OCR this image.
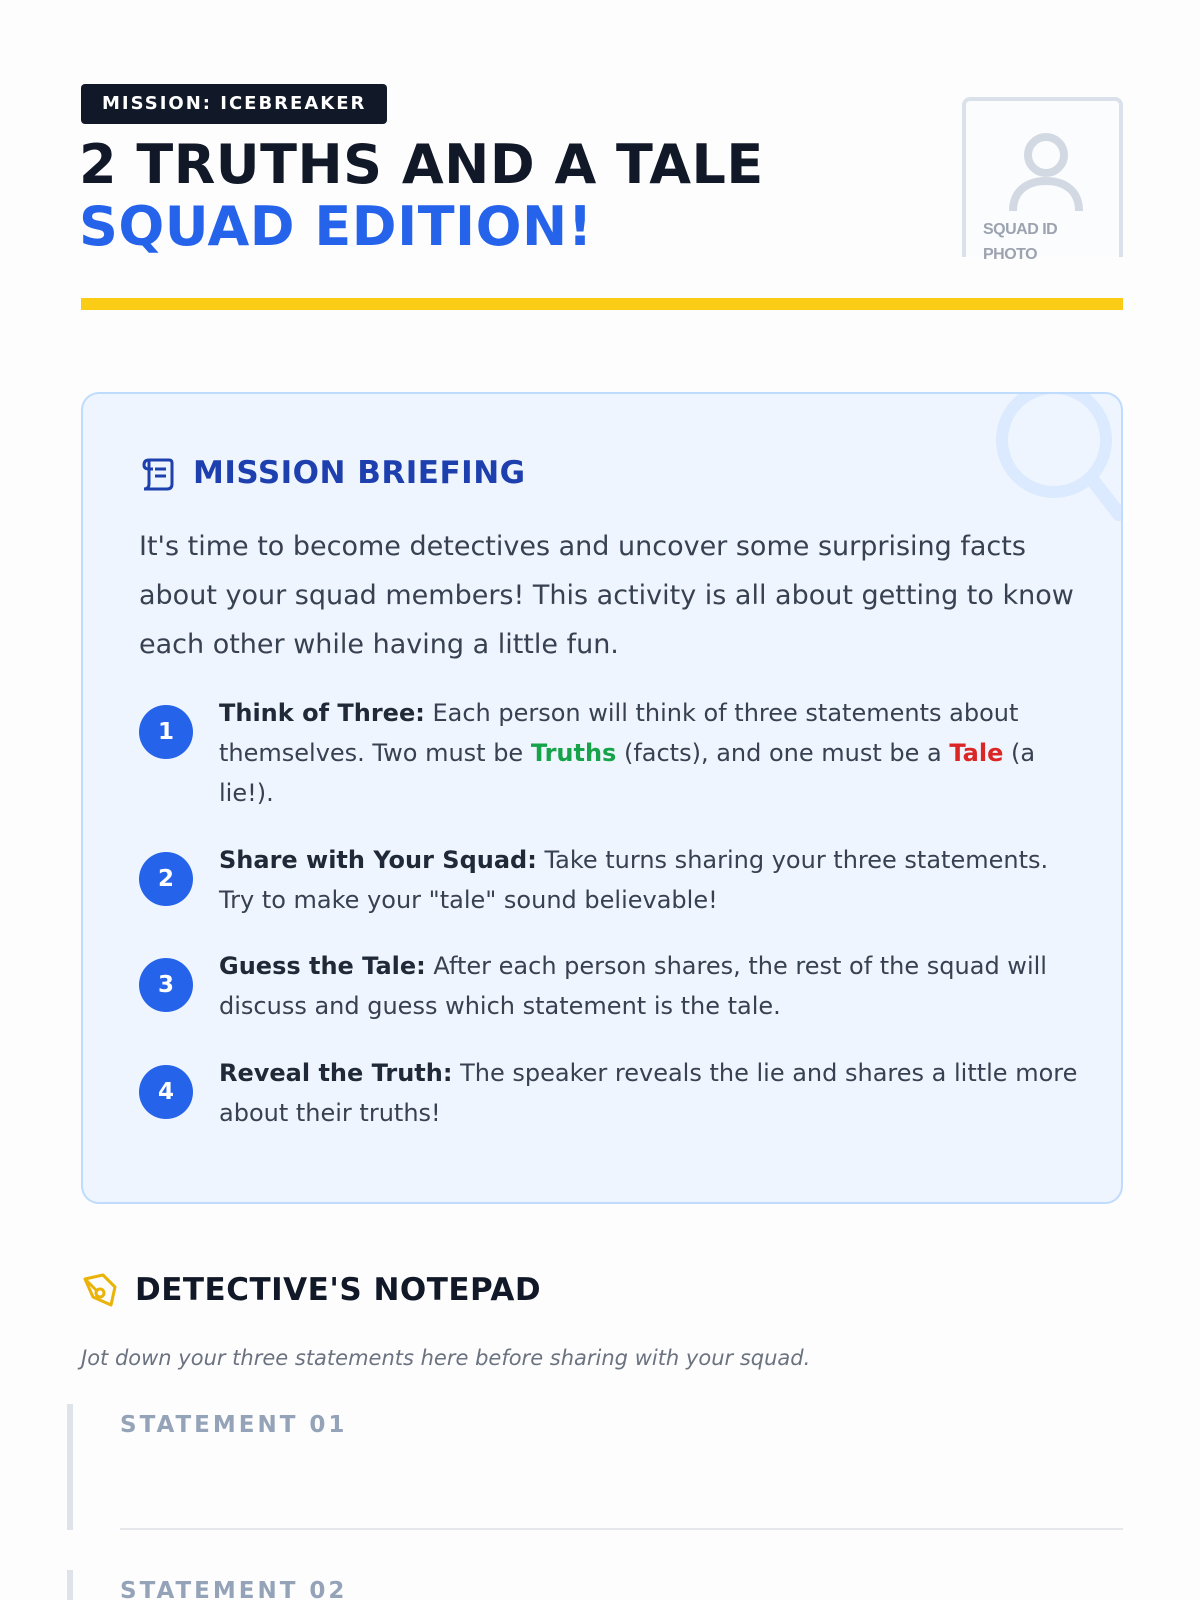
MISSION: ICEBREAKER
2 TRUTHS AND A TALE
SQUAD EDITION!	SQUAD ID
PHOTO
MISSION BRIEFING

It's time to become detectives and uncover some surprising facts about your squad members! This activity is all about getting to know each other while having a little fun.

1
Think of Three: Each person will think of three statements about themselves. Two must be Truths (facts), and one must be a Tale (a lie!).
2
Share with Your Squad: Take turns sharing your three statements. Try to make your "tale" sound believable!
3
Guess the Tale: After each person shares, the rest of the squad will discuss and guess which statement is the tale.
4
Reveal the Truth: The speaker reveals the lie and shares a little more about their truths!
DETECTIVE'S NOTEPAD

Jot down your three statements here before sharing with your squad.

STATEMENT 01
STATEMENT 02
